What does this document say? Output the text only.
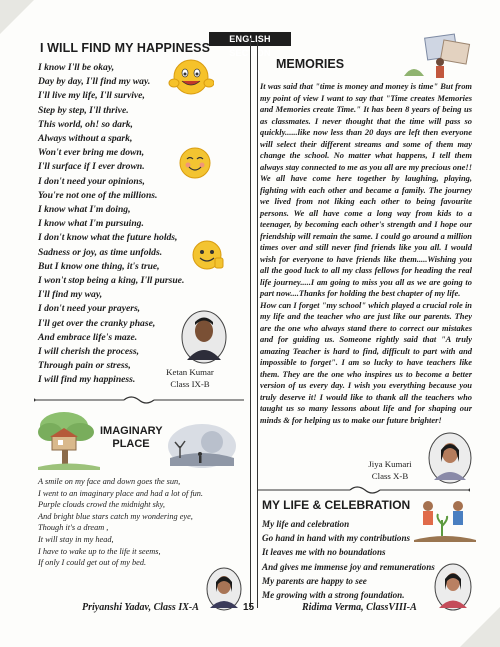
ENGLISH SECTION
I WILL FIND MY HAPPINESS
I know I'll be okay,
Day by day, I'll find my way.
I'll live my life, I'll survive,
Step by step, I'll thrive.
This world, oh! so dark,
Always without a spark,
Won't ever bring me down,
I'll surface if I ever drown.
I don't need your opinions,
You're not one of the millions.
I know what I'm doing,
I know what I'm pursuing.
I don't know what the future holds,
Sadness or joy, as time unfolds.
But I know one thing, it's true,
I won't stop being a king, I'll pursue.
I'll find my way,
I don't need your prayers,
I'll get over the cranky phase,
And embrace life's maze.
I will cherish the process,
Through pain or stress,
I will find my happiness.
Ketan Kumar
Class IX-B
IMAGINARY PLACE
A smile on my face and down goes the sun,
I went to an imaginary place and had a lot of fun.
Purple clouds crowd the midnight sky,
And bright blue stars catch my wondering eye,
Though it's a dream ,
It will stay in my head,
I have to wake up to the life it seems,
If only I could get out of my bed.
MEMORIES
It was said that "time is money and money is time" But from my point of view I want to say that "Time creates Memories and Memories create Time." It has been 8 years of being us as classmates. I never thought that the time will pass so quickly......like now less than 20 days are left then everyone will select their different streams and some of them may change the school. No matter what happens, I tell them always stay connected to me as you all are my precious one!! We all have come here together by laughing, playing, fighting with each other and became a family. The journey we lived from not liking each other to being favourite persons. We all have come a long way from kids to a teenager, by becoming each other's strength and I hope our friendship will remain the same. I could go around a million times over and still never find friends like you all. I would wish for everyone to have friends like them.....Wishing you all the good luck to all my class fellows for heading the real life journey.....I am going to miss you all as we are going to part now....Thanks for holding the best chapter of my life.
How can I forget "my school" which played a crucial role in my life and the teacher who are just like our parents. They are the one who always stand there to correct our mistakes and for guiding us. Someone rightly said that "A truly amazing Teacher is hard to find, difficult to part with and impossible to forget". I am so lucky to have teachers like them. They are the one who inspires us to become a better version of us every day. I wish you everything because you truly deserve it! I would like to thank all the teachers who taught us so many lessons about life and for shaping our minds & for helping us to make our future brighter!
Jiya Kumari
Class X-B
MY LIFE & CELEBRATION
My life and celebration
Go hand in hand with my contributions
It leaves me with no boundations
And gives me immense joy and remunerations
My parents are happy to see
Me growing with a strong foundation.
Priyanshi Yadav, Class IX-A	15	Ridima Verma, ClassVIII-A
